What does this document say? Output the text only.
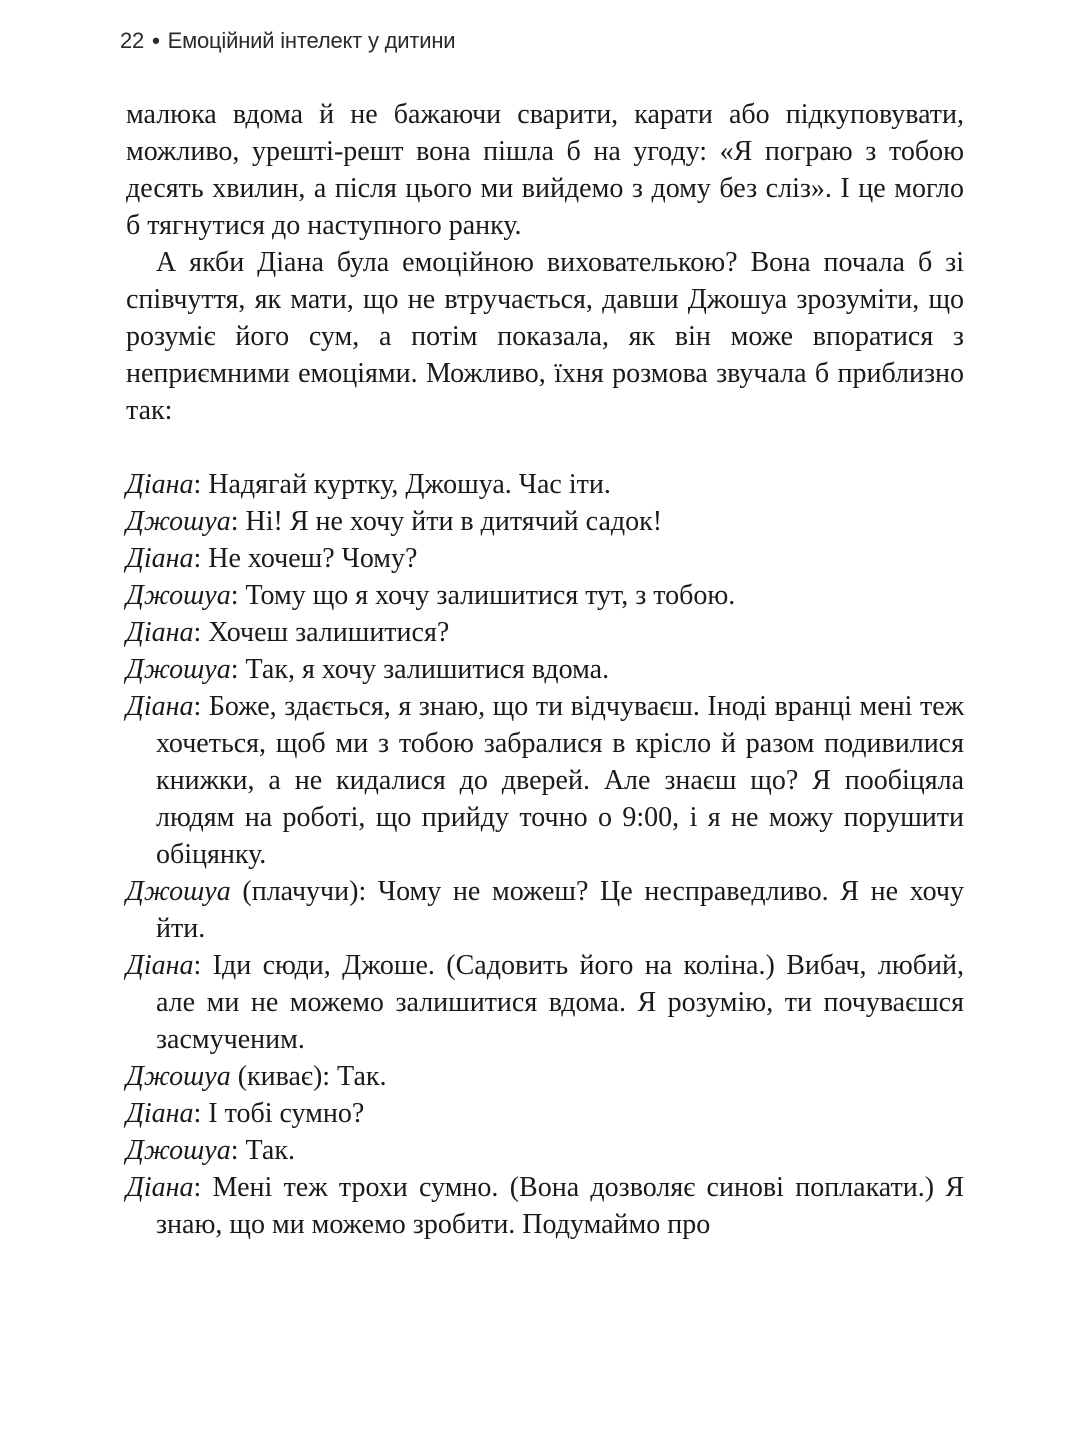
22 • Емоційний інтелект у дитини

малюка вдома й не бажаючи сварити, карати або підкуповувати, можливо, урешті-решт вона пішла б на угоду: «Я пограю з тобою десять хвилин, а після цього ми вийдемо з дому без сліз». І це могло б тягнутися до наступного ранку.

А якби Діана була емоційною вихователькою? Вона почала б зі співчуття, як мати, що не втручається, давши Джошуа зрозуміти, що розуміє його сум, а потім показала, як він може впоратися з неприємними емоціями. Можливо, їхня розмова звучала б приблизно так:

Діана: Надягай куртку, Джошуа. Час іти.

Джошуа: Ні! Я не хочу йти в дитячий садок!

Діана: Не хочеш? Чому?

Джошуа: Тому що я хочу залишитися тут, з тобою.

Діана: Хочеш залишитися?

Джошуа: Так, я хочу залишитися вдома.

Діана: Боже, здається, я знаю, що ти відчуваєш. Іноді вранці мені теж хочеться, щоб ми з тобою забралися в крісло й разом подивилися книжки, а не кидалися до дверей. Але знаєш що? Я пообіцяла людям на роботі, що прийду точно о 9:00, і я не можу порушити обіцянку.

Джошуа (плачучи): Чому не можеш? Це несправедливо. Я не хочу йти.

Діана: Іди сюди, Джоше. (Садовить його на коліна.) Вибач, любий, але ми не можемо залишитися вдома. Я розумію, ти почуваєшся засмученим.

Джошуа (киває): Так.

Діана: І тобі сумно?

Джошуа: Так.

Діана: Мені теж трохи сумно. (Вона дозволяє синові поплакати.) Я знаю, що ми можемо зробити. Подумаймо про
